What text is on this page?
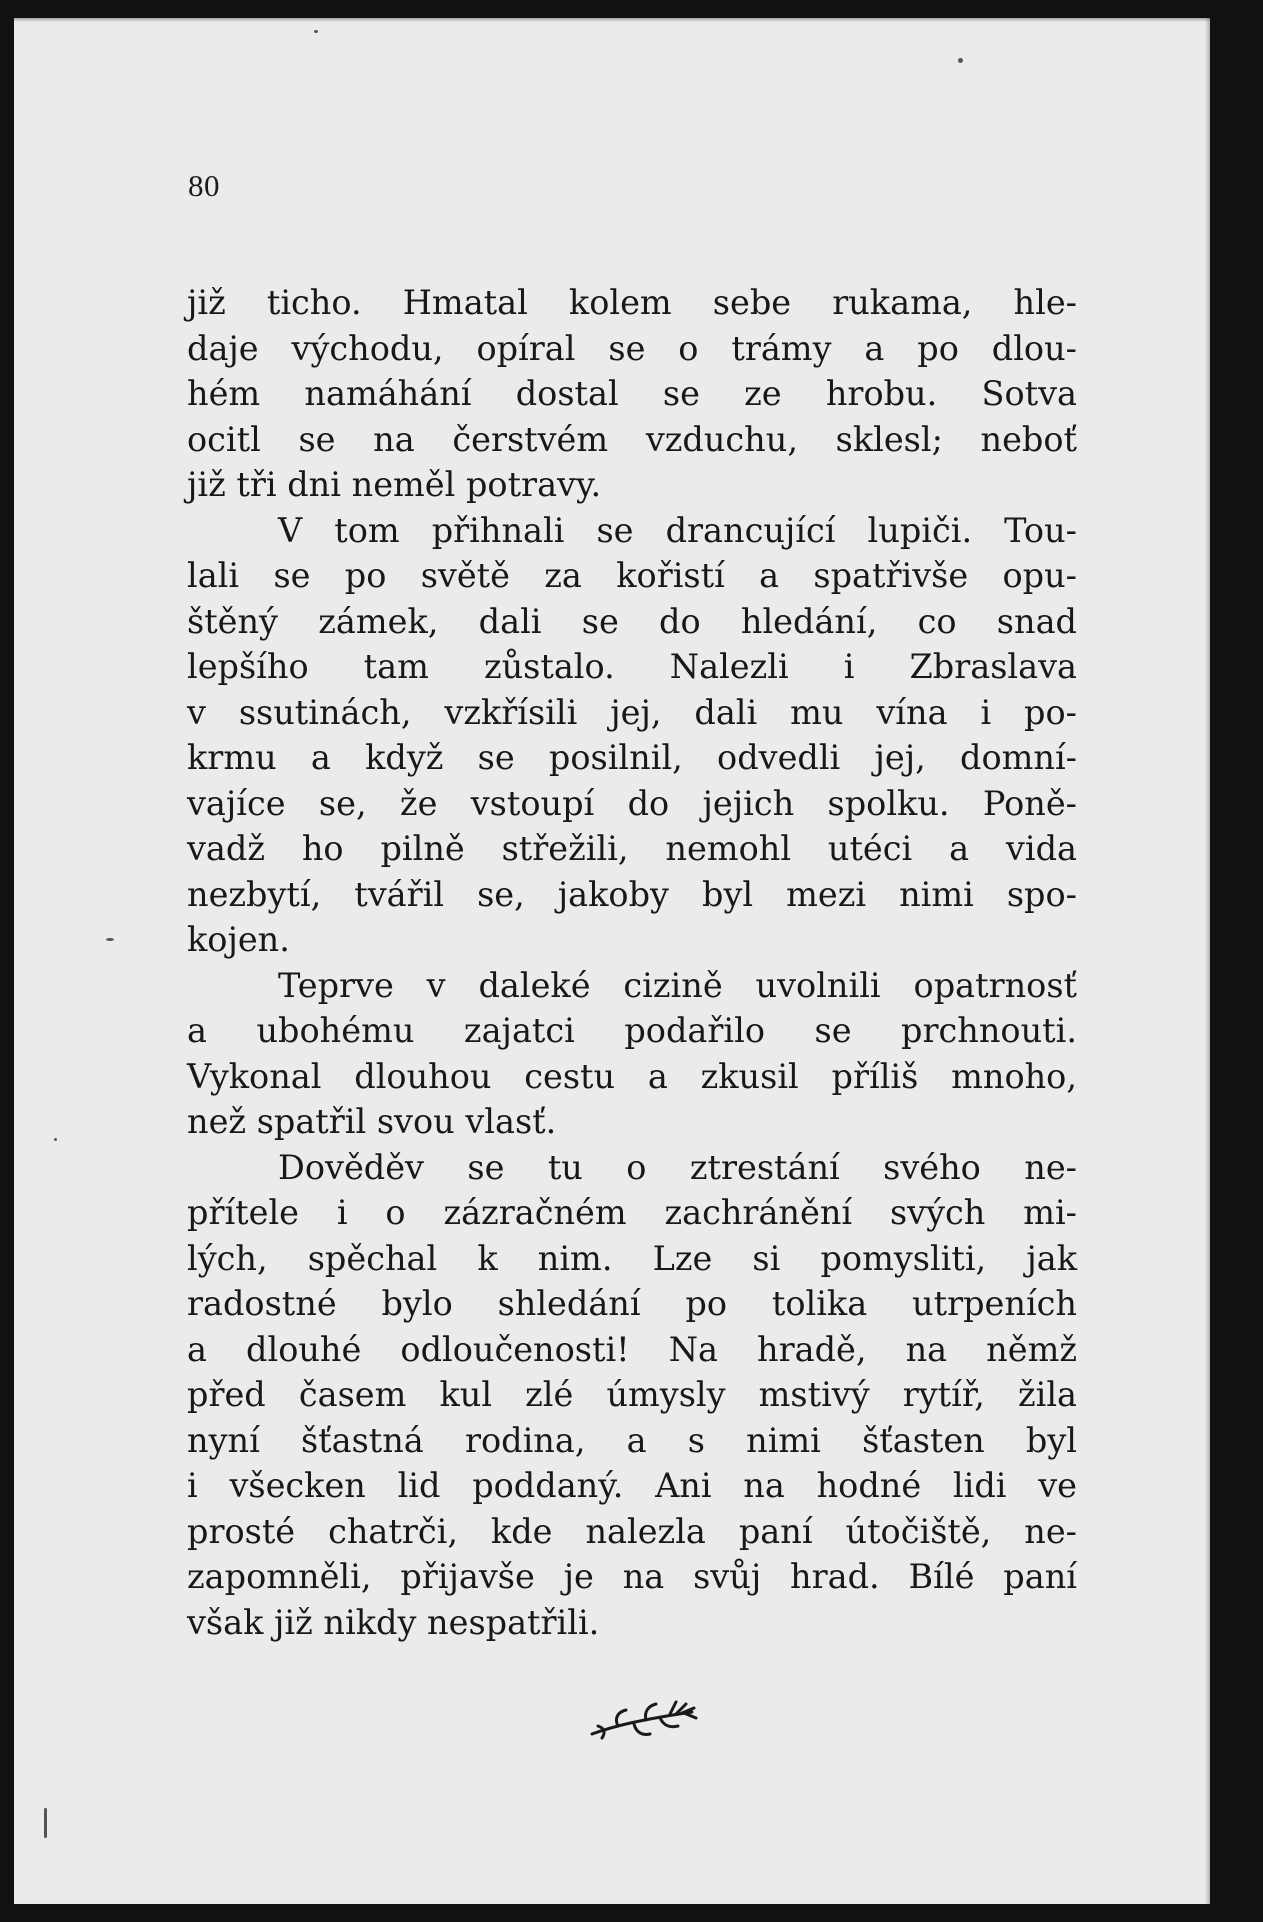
80
již ticho. Hmatal kolem sebe rukama, hle-
daje východu, opíral se o trámy a po dlou-
hém namáhání dostal se ze hrobu. Sotva
ocitl se na čerstvém vzduchu, sklesl; neboť
již tři dni neměl potravy.
V tom přihnali se drancující lupiči. Tou-
lali se po světě za kořistí a spatřivše opu-
štěný zámek, dali se do hledání, co snad
lepšího tam zůstalo. Nalezli i Zbraslava
v ssutinách, vzkřísili jej, dali mu vína i po-
krmu a když se posilnil, odvedli jej, domní-
vajíce se, že vstoupí do jejich spolku. Poně-
vadž ho pilně střežili, nemohl utéci a vida
nezbytí, tvářil se, jakoby byl mezi nimi spo-
kojen.
Teprve v daleké cizině uvolnili opatrnosť
a ubohému zajatci podařilo se prchnouti.
Vykonal dlouhou cestu a zkusil příliš mnoho,
než spatřil svou vlasť.
Dověděv se tu o ztrestání svého ne-
přítele i o zázračném zachránění svých mi-
lých, spěchal k nim. Lze si pomysliti, jak
radostné bylo shledání po tolika utrpeních
a dlouhé odloučenosti! Na hradě, na němž
před časem kul zlé úmysly mstivý rytíř, žila
nyní šťastná rodina, a s nimi šťasten byl
i všecken lid poddaný. Ani na hodné lidi ve
prosté chatrči, kde nalezla paní útočiště, ne-
zapomněli, přijavše je na svůj hrad. Bílé paní
však již nikdy nespatřili.
